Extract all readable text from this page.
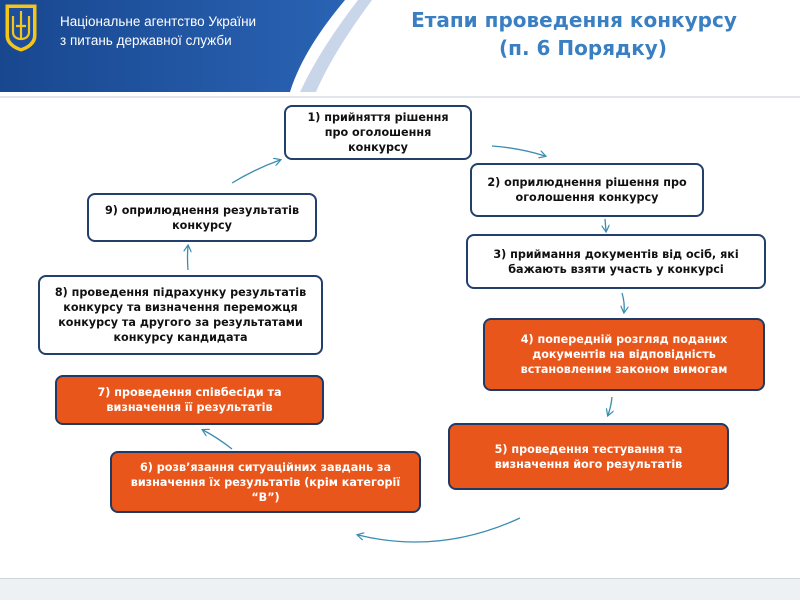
Національне агентство України
з питань державної служби
Етапи проведення конкурсу

(п. 6 Порядку)
1) прийняття рішення про оголошення конкурсу
2) оприлюднення рішення про оголошення конкурсу
3) приймання документів від осіб, які бажають взяти участь у конкурсі
4) попередній розгляд поданих документів на відповідність встановленим законом вимогам
5) проведення тестування та визначення його результатів
6) розв’язання ситуаційних завдань за визначення їх результатів (крім категорії “В”)
7) проведення співбесіди та визначення її результатів
8) проведення підрахунку результатів конкурсу та визначення переможця конкурсу та другого за результатами конкурсу кандидата
9) оприлюднення результатів конкурсу
